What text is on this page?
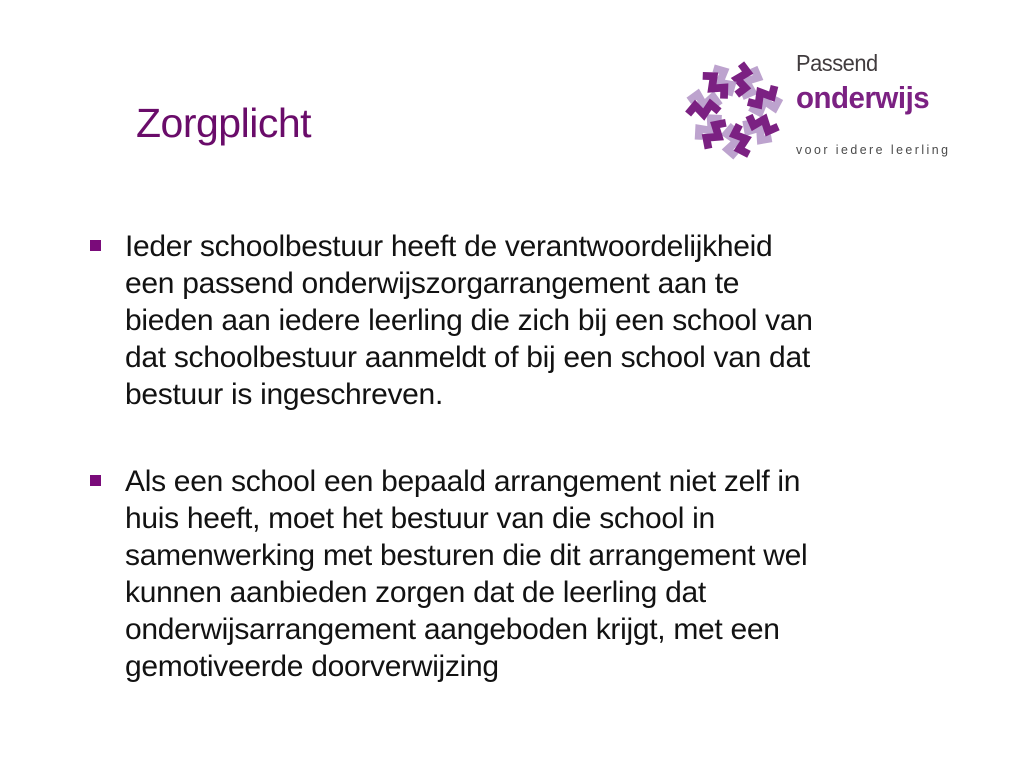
Zorgplicht
Passend
onderwijs
voor iedere leerling
Ieder schoolbestuur heeft de verantwoordelijkheid
een passend onderwijszorgarrangement aan te
bieden aan iedere leerling die zich bij een school van
dat schoolbestuur aanmeldt of bij een school van dat
bestuur is ingeschreven.
Als een school een bepaald arrangement niet zelf in
huis heeft, moet het bestuur van die school in
samenwerking met besturen die dit arrangement wel
kunnen aanbieden zorgen dat de leerling dat
onderwijsarrangement aangeboden krijgt, met een
gemotiveerde doorverwijzing
